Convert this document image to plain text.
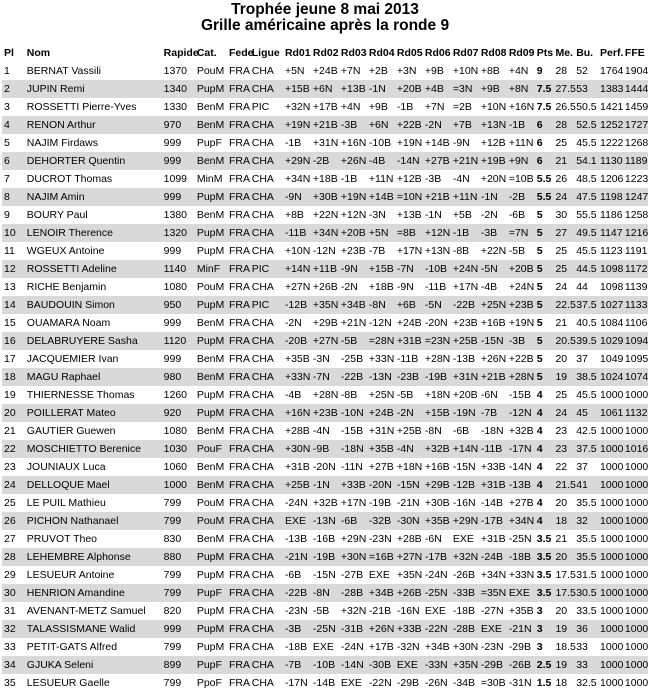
Trophée jeune 8 mai 2013
Grille américaine après la ronde 9
Pl	Nom	Rapide	Cat.	Fede	Ligue	Rd01	Rd02	Rd03	Rd04	Rd05	Rd06	Rd07	Rd08	Rd09	Pts	Me.	Bu.	Perf.	FFE
1	BERNAT Vassili	1370	PouM	FRA	CHA	+5N	+24B	+7N	+2B	+3N	+9B	+10N	+8B	+4N	9	28	52	1764	1904
2	JUPIN Remi	1340	PupM	FRA	CHA	+15B	+6N	+13B	-1N	+20B	+4B	=3N	+9B	+8N	7.5	27.5	53	1383	1444
3	ROSSETTI Pierre-Yves	1330	BenM	FRA	PIC	+32N	+17B	+4N	+9B	-1B	+7N	=2B	+10N	+16N	7.5	26.5	50.5	1421	1459
4	RENON Arthur	970	BenM	FRA	CHA	+19N	+21B	-3B	+6N	+22B	-2N	+7B	+13N	-1B	6	28	52.5	1252	1727
5	NAJIM Firdaws	999	PupF	FRA	CHA	-1B	+31N	+16N	-10B	+19N	+14B	-9N	+12B	+11N	6	25	45.5	1222	1268
6	DEHORTER Quentin	999	BenM	FRA	CHA	+29N	-2B	+26N	-4B	-14N	+27B	+21N	+19B	+9N	6	21	54.1	1130	1189
7	DUCROT Thomas	1099	MinM	FRA	CHA	+34N	+18B	-1B	+11N	+12B	-3B	-4N	+20N	=10B	5.5	26	48.5	1206	1223
8	NAJIM Amin	999	PupM	FRA	CHA	-9N	+30B	+19N	+14B	=10N	+21B	+11N	-1N	-2B	5.5	24	47.5	1198	1247
9	BOURY Paul	1380	BenM	FRA	CHA	+8B	+22N	+12N	-3N	+13B	-1N	+5B	-2N	-6B	5	30	55.5	1186	1258
10	LENOIR Therence	1320	PupM	FRA	CHA	-11B	+34N	+20B	+5N	=8B	+12N	-1B	-3B	=7N	5	27	49.5	1147	1216
11	WGEUX Antoine	999	PupM	FRA	CHA	+10N	-12N	+23B	-7B	+17N	+13N	-8B	+22N	-5B	5	25	45.5	1123	1191
12	ROSSETTI Adeline	1140	MinF	FRA	PIC	+14N	+11B	-9N	+15B	-7N	-10B	+24N	-5N	+20B	5	25	44.5	1098	1172
13	RICHE Benjamin	1080	PouM	FRA	CHA	+27N	+26B	-2N	+18B	-9N	-11B	+17N	-4B	+24N	5	24	44	1098	1139
14	BAUDOUIN Simon	950	PupM	FRA	PIC	-12B	+35N	+34B	-8N	+6B	-5N	-22B	+25N	+23B	5	22.5	37.5	1027	1133
15	OUAMARA Noam	999	BenM	FRA	CHA	-2N	+29B	+21N	-12N	+24B	-20N	+23B	+16B	+19N	5	21	40.5	1084	1106
16	DELABRUYERE Sasha	1120	PupM	FRA	CHA	-20B	+27N	-5B	=28N	+31B	=23N	+25B	-15N	-3B	5	20.5	39.5	1029	1094
17	JACQUEMIER Ivan	999	BenM	FRA	CHA	+35B	-3N	-25B	+33N	-11B	+28N	-13B	+26N	+22B	5	20	37	1049	1095
18	MAGU Raphael	980	BenM	FRA	CHA	+33N	-7N	-22B	-13N	-23B	-19B	+31N	+21B	+28N	5	19	38.5	1024	1074
19	THIERNESSE Thomas	1260	PupM	FRA	CHA	-4B	+28N	-8B	+25N	-5B	+18N	+20B	-6N	-15B	4	25	45.5	1000	1000
20	POILLERAT Mateo	920	PupM	FRA	CHA	+16N	+23B	-10N	+24B	-2N	+15B	-19N	-7B	-12N	4	24	45	1061	1132
21	GAUTIER Guewen	1080	BenM	FRA	CHA	+28B	-4N	-15B	+31N	+25B	-8N	-6B	-18N	+32B	4	23	42.5	1000	1000
22	MOSCHIETTO Berenice	1030	PouF	FRA	CHA	+30N	-9B	-18N	+35B	-4N	+32B	+14N	-11B	-17N	4	23	37.5	1000	1016
23	JOUNIAUX Luca	1060	BenM	FRA	CHA	+31B	-20N	-11N	+27B	+18N	+16B	-15N	+33B	-14N	4	22	37	1000	1000
24	DELLOQUE Mael	1000	BenM	FRA	CHA	+25B	-1N	+33B	-20N	-15N	+29B	-12B	+31B	-13B	4	21.5	41	1000	1000
25	LE PUIL Mathieu	799	PouM	FRA	CHA	-24N	+32B	+17N	-19B	-21N	+30B	-16N	-14B	+27B	4	20	35.5	1000	1000
26	PICHON Nathanael	799	PouM	FRA	CHA	EXE	-13N	-6B	-32B	-30N	+35B	+29N	-17B	+34N	4	18	32	1000	1000
27	PRUVOT Theo	830	BenM	FRA	CHA	-13B	-16B	+29N	-23N	+28B	-6N	EXE	+31B	-25N	3.5	21	35.5	1000	1000
28	LEHEMBRE Alphonse	880	PupM	FRA	CHA	-21N	-19B	+30N	=16B	+27N	-17B	+32N	-24B	-18B	3.5	20	35.5	1000	1000
29	LESUEUR Antoine	799	PupM	FRA	CHA	-6B	-15N	-27B	EXE	+35N	-24N	-26B	+34N	+33N	3.5	17.5	31.5	1000	1000
30	HENRION Amandine	799	PupF	FRA	CHA	-22B	-8N	-28B	+34B	+26B	-25N	-33B	=35N	EXE	3.5	17.5	30.5	1000	1000
31	AVENANT-METZ Samuel	820	PupM	FRA	CHA	-23N	-5B	+32N	-21B	-16N	EXE	-18B	-27N	+35B	3	20	33.5	1000	1000
32	TALASSISMANE Walid	999	PupM	FRA	CHA	-3B	-25N	-31B	+26N	+33B	-22N	-28B	EXE	-21N	3	19	36	1000	1000
33	PETIT-GATS Alfred	799	PupM	FRA	CHA	-18B	EXE	-24N	+17B	-32N	+34B	+30N	-23N	-29B	3	18.5	33	1000	1000
34	GJUKA Seleni	899	PupF	FRA	CHA	-7B	-10B	-14N	-30B	EXE	-33N	+35N	-29B	-26B	2.5	19	33	1000	1000
35	LESUEUR Gaelle	799	PpoF	FRA	CHA	-17N	-14B	EXE	-22N	-29B	-26N	-34B	=30B	-31N	1.5	18	32.5	1000	1000
